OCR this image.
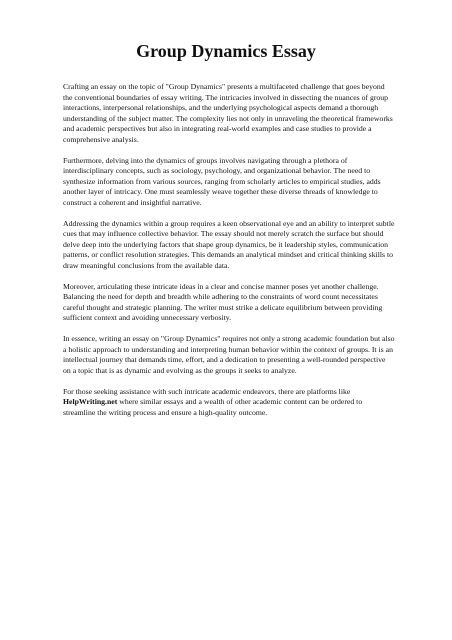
Group Dynamics Essay

Crafting an essay on the topic of "Group Dynamics" presents a multifaceted challenge that goes beyond the conventional boundaries of essay writing. The intricacies involved in dissecting the nuances of group interactions, interpersonal relationships, and the underlying psychological aspects demand a thorough understanding of the subject matter. The complexity lies not only in unraveling the theoretical frameworks and academic perspectives but also in integrating real-world examples and case studies to provide a comprehensive analysis.

Furthermore, delving into the dynamics of groups involves navigating through a plethora of interdisciplinary concepts, such as sociology, psychology, and organizational behavior. The need to synthesize information from various sources, ranging from scholarly articles to empirical studies, adds another layer of intricacy. One must seamlessly weave together these diverse threads of knowledge to construct a coherent and insightful narrative.

Addressing the dynamics within a group requires a keen observational eye and an ability to interpret subtle cues that may influence collective behavior. The essay should not merely scratch the surface but should delve deep into the underlying factors that shape group dynamics, be it leadership styles, communication patterns, or conflict resolution strategies. This demands an analytical mindset and critical thinking skills to draw meaningful conclusions from the available data.

Moreover, articulating these intricate ideas in a clear and concise manner poses yet another challenge. Balancing the need for depth and breadth while adhering to the constraints of word count necessitates careful thought and strategic planning. The writer must strike a delicate equilibrium between providing sufficient context and avoiding unnecessary verbosity.

In essence, writing an essay on "Group Dynamics" requires not only a strong academic foundation but also a holistic approach to understanding and interpreting human behavior within the context of groups. It is an intellectual journey that demands time, effort, and a dedication to presenting a well-rounded perspective on a topic that is as dynamic and evolving as the groups it seeks to analyze.

For those seeking assistance with such intricate academic endeavors, there are platforms like HelpWriting.net where similar essays and a wealth of other academic content can be ordered to streamline the writing process and ensure a high-quality outcome.
